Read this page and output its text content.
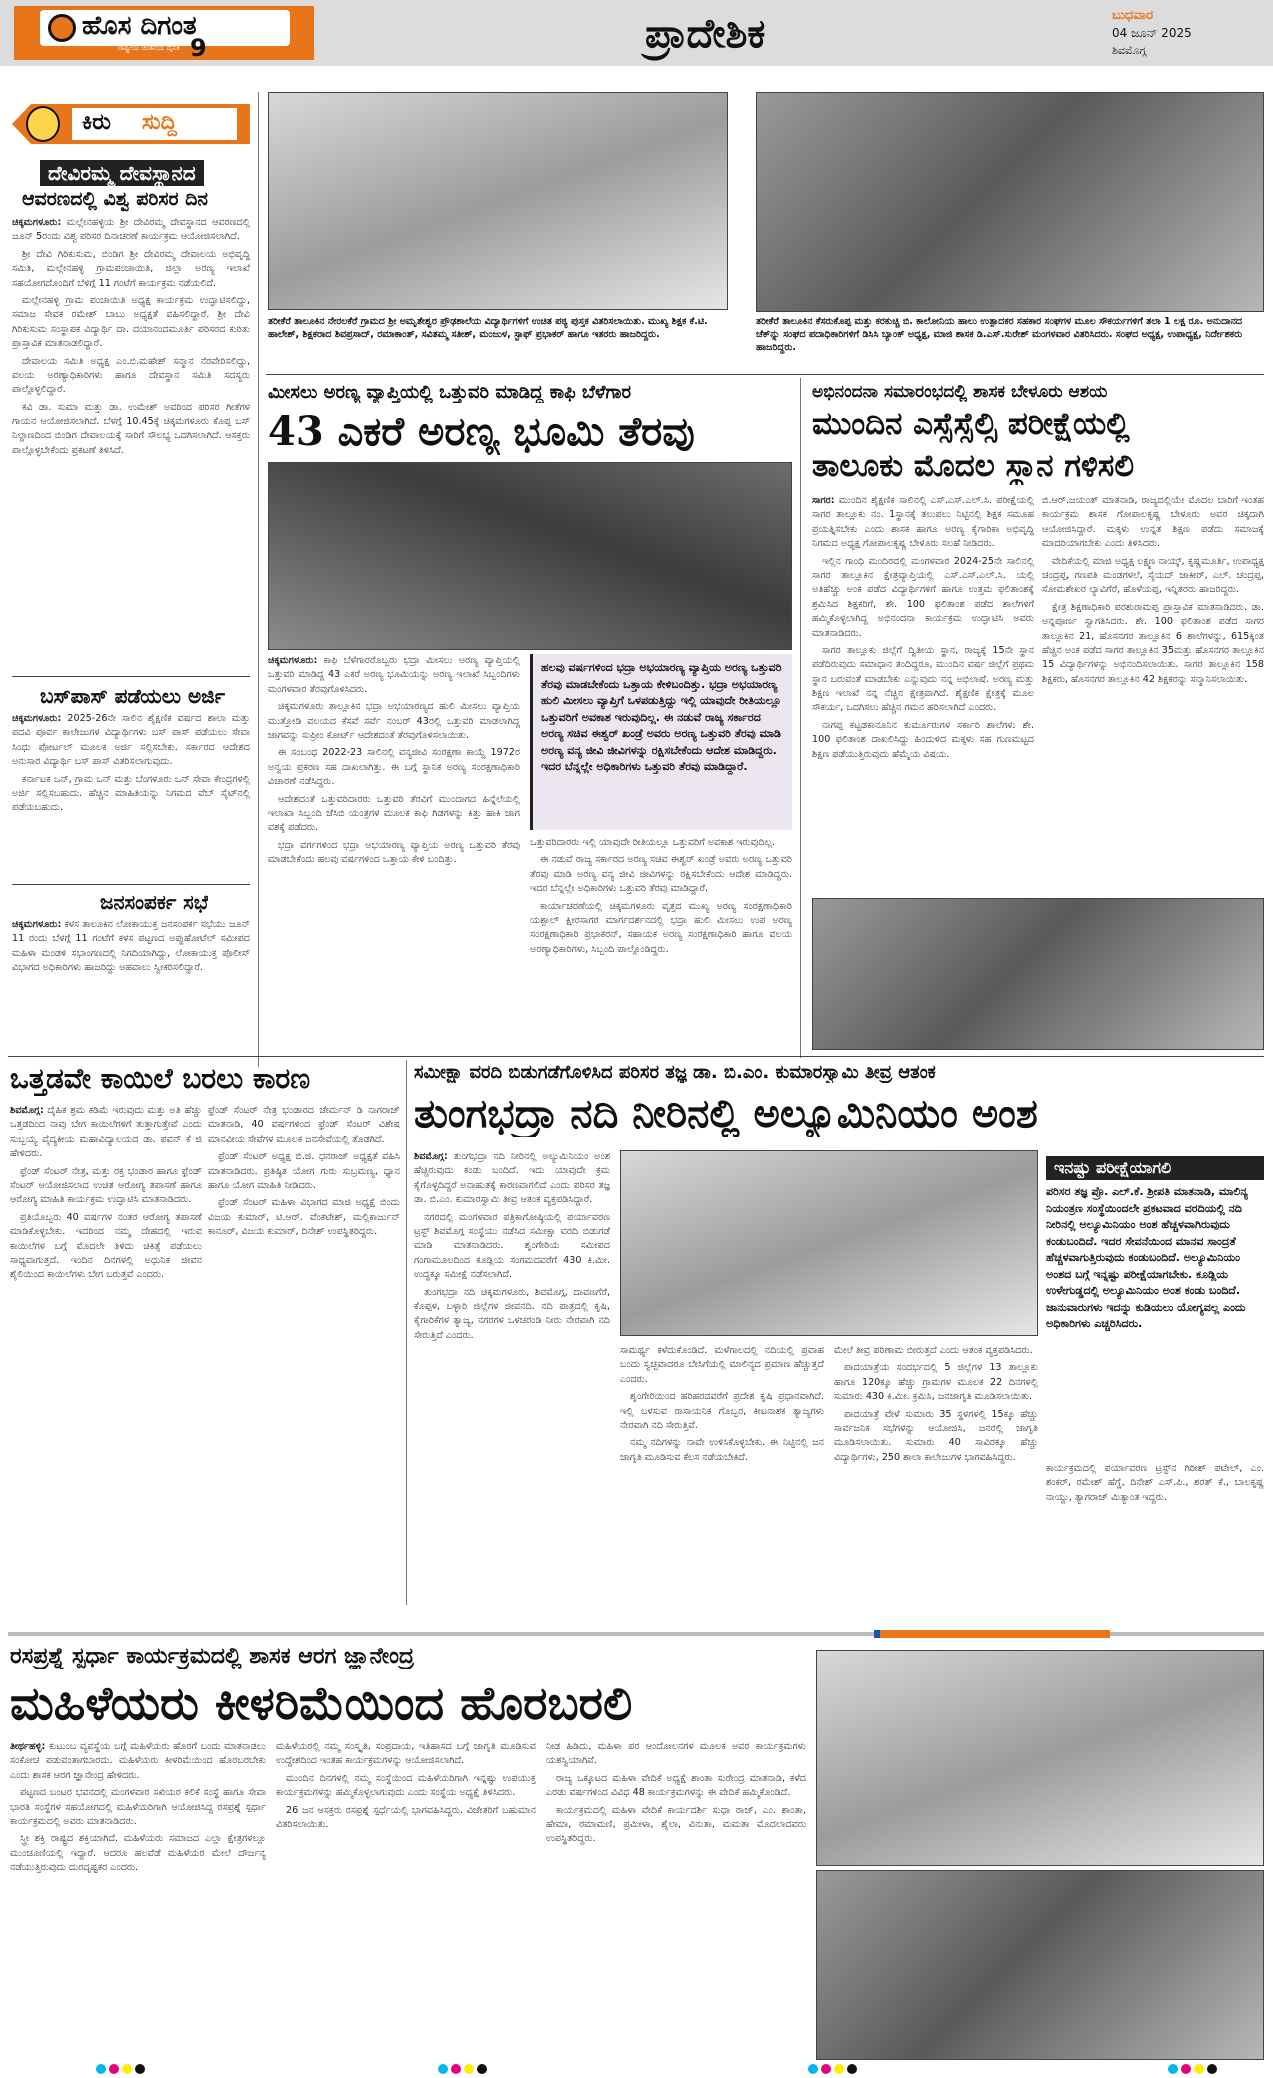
ಹೊಸ ದಿಗಂತ
ರಾಷ್ಟ್ರೀಯ ಚಿಂತನೆಯ ದೈನಿಕ 9	ಪ್ರಾದೇಶಿಕ	ಬುಧವಾರ
04 ಜೂನ್ 2025
ಶಿವಮೊಗ್ಗ
ಕಿರು ಸುದ್ದಿ
ದೇವಿರಮ್ಮ ದೇವಸ್ಥಾನದ
ಆವರಣದಲ್ಲಿ ವಿಶ್ವ ಪರಿಸರ ದಿನ

ಚಿಕ್ಕಮಗಳೂರು: ಮಲ್ಲೇನಹಳ್ಳಿಯ ಶ್ರೀ ದೇವಿರಮ್ಮ ದೇವಸ್ಥಾನದ ಆವರಣದಲ್ಲಿ ಜೂನ್ 5ರಂದು ವಿಶ್ವ ಪರಿಸರ ದಿನಾಚರಣೆ ಕಾರ್ಯಕ್ರಮ ಆಯೋಜಿಸಲಾಗಿದೆ.

ಶ್ರೀ ದೇವಿ ಗಿರಿಕುಸುಮ, ಬಿಂಡಿಗ ಶ್ರೀ ದೇವಿರಮ್ಮ ದೇವಾಲಯ ಅಭಿವೃದ್ಧಿ ಸಮಿತಿ, ಮಲ್ಲೇನಹಳ್ಳಿ ಗ್ರಾಮಪಂಚಾಯಿತಿ, ಜಿಲ್ಲಾ ಅರಣ್ಯ ಇಲಾಖೆ ಸಹಯೋಗದೊಂದಿಗೆ ಬೆಳಿಗ್ಗೆ 11 ಗಂಟೆಗೆ ಕಾರ್ಯಕ್ರಮ ನಡೆಯಲಿದೆ.

ಮಲ್ಲೇನಹಳ್ಳಿ ಗ್ರಾಮ ಪಂಚಾಯಿತಿ ಅಧ್ಯಕ್ಷ ಕಾರ್ಯಕ್ರಮ ಉದ್ಘಾಟಿಸಲಿದ್ದು, ಸಮಾಜ ಸೇವಕ ರಮೇಶ್ ಬಾಬು ಅಧ್ಯಕ್ಷತೆ ವಹಿಸಲಿದ್ದಾರೆ. ಶ್ರೀ ದೇವಿ ಗಿರಿಕುಸುಮ ಸಂಸ್ಥಾಪಕ ವಿದ್ಯಾರ್ಥಿ ದಾ. ದಯಾನಂದಮೂರ್ತಿ ಪರಿಸರದ ಕುರಿತು ಪ್ರಾಸ್ತಾವಿಕ ಮಾತನಾಡಲಿದ್ದಾರೆ.

ದೇವಾಲಯ ಸಮಿತಿ ಅಧ್ಯಕ್ಷ ಎಂ.ಬಿ.ಮಹೇಶ್ ಸನ್ಮಾನ ನೆರವೇರಿಸಲಿದ್ದು, ವಲಯ ಅರಣ್ಯಾಧಿಕಾರಿಗಳು ಹಾಗೂ ದೇವಸ್ಥಾನ ಸಮಿತಿ ಸದಸ್ಯರು ಪಾಲ್ಗೊಳ್ಳಲಿದ್ದಾರೆ.

ಕವಿ ಡಾ. ಸುಮಾ ಮತ್ತು ಡಾ. ಉಮೇಶ್ ಅವರಿಂದ ಪರಿಸರ ಗೀತೆಗಳ ಗಾಯನ ಆಯೋಜಿಸಲಾಗಿದೆ. ಬೆಳಗ್ಗೆ 10.45ಕ್ಕೆ ಚಿಕ್ಕಮಗಳೂರು ಕೊಪ್ಪ ಬಸ್ ನಿಲ್ದಾಣದಿಂದ ಬಿಂಡಿಗ ದೇವಾಲಯಕ್ಕೆ ಸಾರಿಗೆ ಸೌಲಭ್ಯ ಒದಗಿಸಲಾಗಿದೆ. ಆಸಕ್ತರು ಪಾಲ್ಗೊಳ್ಳಬೇಕೆಂದು ಪ್ರಕಟಣೆ ತಿಳಿಸಿದೆ.

ಬಸ್‌ಪಾಸ್ ಪಡೆಯಲು ಅರ್ಜಿ

ಚಿಕ್ಕಮಗಳೂರು: 2025-26ನೇ ಸಾಲಿನ ಶೈಕ್ಷಣಿಕ ವರ್ಷದ ಶಾಲಾ ಮತ್ತು ಪದವಿ ಪೂರ್ವ ಕಾಲೇಜುಗಳ ವಿದ್ಯಾರ್ಥಿಗಳು ಬಸ್ ಪಾಸ್ ಪಡೆಯಲು ಸೇವಾ ಸಿಂಧು ಪೋರ್ಟಲ್ ಮೂಲಕ ಅರ್ಜಿ ಸಲ್ಲಿಸಬೇಕು. ಸರ್ಕಾರದ ಆದೇಶದ ಅನುಸಾರ ವಿದ್ಯಾರ್ಥಿ ಬಸ್ ಪಾಸ್ ವಿತರಿಸಲಾಗುವುದು.

ಕರ್ನಾಟಕ ಒನ್, ಗ್ರಾಮ ಒನ್ ಮತ್ತು ಬೆಂಗಳೂರು ಒನ್ ಸೇವಾ ಕೇಂದ್ರಗಳಲ್ಲಿ ಅರ್ಜಿ ಸಲ್ಲಿಸಬಹುದು. ಹೆಚ್ಚಿನ ಮಾಹಿತಿಯನ್ನು ನಿಗಮದ ವೆಬ್ ಸೈಟ್‌ನಲ್ಲಿ ಪಡೆಯಬಹುದು.

ಜನಸಂಪರ್ಕ ಸಭೆ

ಚಿಕ್ಕಮಗಳೂರು: ಕಳಸ ತಾಲೂಕಿನ ಲೋಕಾಯುಕ್ತ ಜನಸಂಪರ್ಕ ಸಭೆಯು ಜೂನ್ 11 ರಂದು ಬೆಳಗ್ಗೆ 11 ಗಂಟೆಗೆ ಕಳಸ ಪಟ್ಟಣದ ಅಪ್ಪುಹೋಟೆಲ್ ಸಮೀಪದ ಮಹಿಳಾ ಮಂಡಳಿ ಸಭಾಂಗಣದಲ್ಲಿ ನಿಗದಿಯಾಗಿದ್ದು, ಲೋಕಾಯುಕ್ತ ಪೊಲೀಸ್ ವಿಭಾಗದ ಅಧಿಕಾರಿಗಳು ಹಾಜರಿದ್ದು ಅಹವಾಲು ಸ್ವೀಕರಿಸಲಿದ್ದಾರೆ.

ತರೀಕೆರೆ ತಾಲೂಕಿನ ನೇರಲಕೆರೆ ಗ್ರಾಮದ ಶ್ರೀ ಅಮೃತೇಶ್ವರ ಪ್ರೌಢಶಾಲೆಯ ವಿದ್ಯಾರ್ಥಿಗಳಿಗೆ ಉಚಿತ ಪಠ್ಯ ಪುಸ್ತಕ ವಿತರಿಸಲಾಯಿತು. ಮುಖ್ಯ ಶಿಕ್ಷಕ ಕೆ.ಟಿ. ಹಾಲೇಶ್, ಶಿಕ್ಷಕರಾದ ಶಿವಪ್ರಸಾದ್, ರಮಾಕಾಂತ್, ಸವಿತಮ್ಮ ಸತೀಶ್, ಮಂಜುಳ, ಸ್ಟಾಫ್ ಪ್ರಭಾಕರ್ ಹಾಗೂ ಇತರರು ಹಾಜರಿದ್ದರು.
ತರೀಕೆರೆ ತಾಲೂಕಿನ ಕೆಸರುಕೊಪ್ಪ ಮತ್ತು ಕರಕುಚ್ಚಿ ಬಿ. ಕಾಲೋನಿಯ ಹಾಲು ಉತ್ಪಾದಕರ ಸಹಕಾರ ಸಂಘಗಳ ಮೂಲ ಸೌಕರ್ಯಗಳಿಗೆ ತಲಾ 1 ಲಕ್ಷ ರೂ. ಅನುದಾನದ ಚೆಕ್‌ನ್ನು ಸಂಘದ ಪದಾಧಿಕಾರಿಗಳಿಗೆ ಡಿಸಿಸಿ ಬ್ಯಾಂಕ್ ಅಧ್ಯಕ್ಷ, ಮಾಜಿ ಶಾಸಕ ಡಿ.ಎಸ್.ಸುರೇಶ್ ಮಂಗಳವಾರ ವಿತರಿಸಿದರು. ಸಂಘದ ಅಧ್ಯಕ್ಷ, ಉಪಾಧ್ಯಕ್ಷ, ನಿರ್ದೇಶಕರು ಹಾಜರಿದ್ದರು.
ಮೀಸಲು ಅರಣ್ಯ ವ್ಯಾಪ್ತಿಯಲ್ಲಿ ಒತ್ತುವರಿ ಮಾಡಿದ್ದ ಕಾಫಿ ಬೆಳೆಗಾರ
43 ಎಕರೆ ಅರಣ್ಯ ಭೂಮಿ ತೆರವು

ಚಿಕ್ಕಮಗಳೂರು: ಕಾಫಿ ಬೆಳೆಗಾರರೊಬ್ಬರು ಭದ್ರಾ ಮೀಸಲು ಅರಣ್ಯ ವ್ಯಾಪ್ತಿಯಲ್ಲಿ ಒತ್ತುವರಿ ಮಾಡಿದ್ದ 43 ಎಕರೆ ಅರಣ್ಯ ಭೂಮಿಯನ್ನು ಅರಣ್ಯ ಇಲಾಖೆ ಸಿಬ್ಬಂದಿಗಳು ಮಂಗಳವಾರ ತೆರವುಗೊಳಿಸಿದರು.

ಚಿಕ್ಕಮಗಳೂರು ತಾಲ್ಲೂಕಿನ ಭದ್ರಾ ಅಭಯಾರಣ್ಯದ ಹುಲಿ ಮೀಸಲು ವ್ಯಾಪ್ತಿಯ ಮುತ್ತೋಡಿ ವಲಯದ ಕೆಸವೆ ಸರ್ವೆ ನಂಬರ್ 43ರಲ್ಲಿ ಒತ್ತುವರಿ ಮಾಡಲಾಗಿದ್ದ ಜಾಗವನ್ನು ಸುಪ್ರೀಂ ಕೋರ್ಟ್ ಆದೇಶದಂತೆ ತೆರವುಗೊಳಿಸಲಾಯಿತು.

ಈ ಸಂಬಂಧ 2022-23 ಸಾಲಿನಲ್ಲಿ ವನ್ಯಜೀವಿ ಸಂರಕ್ಷಣಾ ಕಾಯ್ದೆ 1972ರ ಅನ್ವಯ ಪ್ರಕರಣ ಸಹ ದಾಖಲಾಗಿತ್ತು. ಈ ಬಗ್ಗೆ ಸ್ಥಾನಿಕ ಅರಣ್ಯ ಸಂರಕ್ಷಣಾಧಿಕಾರಿ ವಿಚಾರಣೆ ನಡೆಸಿದ್ದರು.

ಆದೇಶದಂತೆ ಒತ್ತುವರಿದಾರರು ಒತ್ತುವರಿ ತೆರವಿಗೆ ಮುಂದಾಗದ ಹಿನ್ನೆಲೆಯಲ್ಲಿ ಇಲಾಖಾ ಸಿಬ್ಬಂದಿ ಜೆಸಿಬಿ ಯಂತ್ರಗಳ ಮೂಲಕ ಕಾಫಿ ಗಿಡಗಳನ್ನು ಕಿತ್ತು ಹಾಕಿ ಜಾಗ ವಶಕ್ಕೆ ಪಡೆದರು.

ಭದ್ರಾ ವರ್ಗಗಳಿಂದ ಭದ್ರಾ ಅಭಯಾರಣ್ಯ ವ್ಯಾಪ್ತಿಯ ಅರಣ್ಯ ಒತ್ತುವರಿ ತೆರವು ಮಾಡಬೇಕೆಂದು ಹಲವು ವರ್ಷಗಳಿಂದ ಒತ್ತಾಯ ಕೇಳಿ ಬಂದಿತ್ತು.

ಹಲವು ವರ್ಷಗಳಿಂದ ಭದ್ರಾ ಅಭಯಾರಣ್ಯ ವ್ಯಾಪ್ತಿಯ ಅರಣ್ಯ ಒತ್ತುವರಿ ತೆರವು ಮಾಡಬೇಕೆಂದು ಒತ್ತಾಯ ಕೇಳಿಬಂದಿತ್ತು. ಭದ್ರಾ ಅಭಯಾರಣ್ಯ ಹುಲಿ ಮೀಸಲು ವ್ಯಾಪ್ತಿಗೆ ಒಳಪಡುತ್ತಿದ್ದು ಇಲ್ಲಿ ಯಾವುದೇ ರೀತಿಯಲ್ಲೂ ಒತ್ತುವರಿಗೆ ಅವಕಾಶ ಇರುವುದಿಲ್ಲ. ಈ ನಡುವೆ ರಾಜ್ಯ ಸರ್ಕಾರದ ಅರಣ್ಯ ಸಚಿವ ಈಶ್ವರ್ ಖಂಡ್ರೆ ಅವರು ಅರಣ್ಯ ಒತ್ತುವರಿ ತೆರವು ಮಾಡಿ ಅರಣ್ಯ ವನ್ಯ ಜೀವಿ ಜೀವಿಗಳನ್ನು ರಕ್ಷಿಸಬೇಕೆಂದು ಆದೇಶ ಮಾಡಿದ್ದರು. ಇದರ ಬೆನ್ನಲ್ಲೇ ಅಧಿಕಾರಿಗಳು ಒತ್ತುವರಿ ತೆರವು ಮಾಡಿದ್ದಾರೆ.

ಒತ್ತುವರಿದಾರರು ಇಲ್ಲಿ ಯಾವುದೇ ರೀತಿಯಲ್ಲೂ ಒತ್ತುವರಿಗೆ ಅವಕಾಶ ಇರುವುದಿಲ್ಲ.

ಈ ನಡುವೆ ರಾಜ್ಯ ಸರ್ಕಾರದ ಅರಣ್ಯ ಸಚಿವ ಈಶ್ವರ್ ಖಂಡ್ರೆ ಅವರು ಅರಣ್ಯ ಒತ್ತುವರಿ ತೆರವು ಮಾಡಿ ಅರಣ್ಯ ವನ್ಯ ಜೀವಿ ಜೀವಿಗಳನ್ನು ರಕ್ಷಿಸಬೇಕೆಂದು ಆದೇಶ ಮಾಡಿದ್ದರು. ಇದರ ಬೆನ್ನಲ್ಲೇ ಅಧಿಕಾರಿಗಳು ಒತ್ತುವರಿ ತೆರವು ಮಾಡಿದ್ದಾರೆ.

ಕಾರ್ಯಾಚರಣೆಯಲ್ಲಿ ಚಿಕ್ಕಮಗಳೂರು ವೃತ್ತದ ಮುಖ್ಯ ಅರಣ್ಯ ಸಂರಕ್ಷಣಾಧಿಕಾರಿ ಯಶ್ಪಾಲ್ ಕ್ಷೀರಸಾಗರ ಮಾರ್ಗದರ್ಶನದಲ್ಲಿ ಭದ್ರಾ ಹುಲಿ ಮೀಸಲು ಉಪ ಅರಣ್ಯ ಸಂರಕ್ಷಣಾಧಿಕಾರಿ ಪ್ರಭಾಕರನ್, ಸಹಾಯಕ ಅರಣ್ಯ ಸಂರಕ್ಷಣಾಧಿಕಾರಿ ಹಾಗೂ ವಲಯ ಅರಣ್ಯಾಧಿಕಾರಿಗಳು, ಸಿಬ್ಬಂದಿ ಪಾಲ್ಗೊಂಡಿದ್ದರು.

ಅಭಿನಂದನಾ ಸಮಾರಂಭದಲ್ಲಿ ಶಾಸಕ ಬೇಳೂರು ಆಶಯ
ಮುಂದಿನ ಎಸ್ಸೆಸ್ಸೆಲ್ಸಿ ಪರೀಕ್ಷೆಯಲ್ಲಿ
ತಾಲೂಕು ಮೊದಲ ಸ್ಥಾನ ಗಳಿಸಲಿ

ಸಾಗರ: ಮುಂದಿನ ಶೈಕ್ಷಣಿಕ ಸಾಲಿನಲ್ಲಿ ಎಸ್.ಎಸ್.ಎಲ್.ಸಿ. ಪರೀಕ್ಷೆಯಲ್ಲಿ ಸಾಗರ ತಾಲ್ಲೂಕು ನಂ. 1ಸ್ಥಾನಕ್ಕೆ ತಲುಪಲು ನಿಟ್ಟಿನಲ್ಲಿ ಶಿಕ್ಷಕ ಸಮೂಹ ಪ್ರಯತ್ನಿಸಬೇಕು ಎಂದು ಶಾಸಕ ಹಾಗೂ ಅರಣ್ಯ ಕೈಗಾರಿಕಾ ಅಭಿವೃದ್ಧಿ ನಿಗಮದ ಅಧ್ಯಕ್ಷ ಗೋಪಾಲಕೃಷ್ಣ ಬೇಳೂರು ಸಲಹೆ ನೀಡಿದರು.

ಇಲ್ಲಿನ ಗಾಂಧಿ ಮಂದಿರದಲ್ಲಿ ಮಂಗಳವಾರ 2024-25ನೇ ಸಾಲಿನಲ್ಲಿ ಸಾಗರ ತಾಲ್ಲೂಕಿನ ಕ್ಷೇತ್ರವ್ಯಾಪ್ತಿಯಲ್ಲಿ ಎಸ್.ಎಸ್.ಎಲ್.ಸಿ. ಯಲ್ಲಿ ಅತಿಹೆಚ್ಚು ಅಂಕ ಪಡೆದ ವಿದ್ಯಾರ್ಥಿಗಳಿಗೆ ಹಾಗೂ ಉತ್ತಮ ಫಲಿತಾಂಶಕ್ಕೆ ಶ್ರಮಿಸಿದ ಶಿಕ್ಷಕರಿಗೆ, ಶೇ. 100 ಫಲಿತಾಂಶ ಪಡೆದ ಶಾಲೆಗಳಿಗೆ ಹಮ್ಮಿಕೊಳ್ಳಲಾಗಿದ್ದ ಅಭಿನಂದನಾ ಕಾರ್ಯಕ್ರಮ ಉದ್ಘಾಟಿಸಿ ಅವರು ಮಾತನಾಡಿದರು.

ಸಾಗರ ತಾಲ್ಲೂಕು ಜಿಲ್ಲೆಗೆ ದ್ವಿತೀಯ ಸ್ಥಾನ, ರಾಜ್ಯಕ್ಕೆ 15ನೇ ಸ್ಥಾನ ಪಡೆದಿರುವುದು ಸಮಾಧಾನ ತಂದಿದ್ದರೂ, ಮುಂದಿನ ವರ್ಷ ಜಿಲ್ಲೆಗೆ ಪ್ರಥಮ ಸ್ಥಾನ ಬರುವಂತೆ ಮಾಡಬೇಕು ಎನ್ನುವುದು ನನ್ನ ಅಭಿಲಾಷೆ. ಅರಣ್ಯ ಮತ್ತು ಶಿಕ್ಷಣ ಇಲಾಖೆ ನನ್ನ ನೆಚ್ಚಿನ ಕ್ಷೇತ್ರವಾಗಿದೆ. ಶೈಕ್ಷಣಿಕ ಕ್ಷೇತ್ರಕ್ಕೆ ಮೂಲ ಸೌಕರ್ಯ, ಒದಗಿಸಲು ಹೆಚ್ಚಿನ ಗಮನ ಹರಿಸಲಾಗಿದೆ ಎಂದರು.

ನಾಗಪ್ಪ ಕಟ್ಟಡಕಾನೂನಿನ ಕುರ್ಮೂರುಗಳ ಸರ್ಕಾರಿ ಶಾಲೆಗಳು ಶೇ. 100 ಫಲಿತಾಂಶ ದಾಖಲಿಸಿದ್ದು ಹಿಂದುಳಿದ ಮಕ್ಕಳು ಸಹ ಗುಣಮಟ್ಟದ ಶಿಕ್ಷಣ ಪಡೆಯುತ್ತಿರುವುದು ಹೆಮ್ಮೆಯ ವಿಷಯ.

ಬಿ.ಆರ್.ಜಯಂತ್ ಮಾತನಾಡಿ, ರಾಜ್ಯದಲ್ಲಿಯೇ ಮೊದಲ ಬಾರಿಗೆ ಇಂತಹ ಕಾರ್ಯಕ್ರಮ ಶಾಸಕ ಗೋಪಾಲಕೃಷ್ಣ ಬೇಳೂರು ಅವರ ಚಿಕ್ಕದಾಗಿ ಆಯೋಜಿಸಿದ್ದಾರೆ. ಮಕ್ಕಳು ಉನ್ನತ ಶಿಕ್ಷಣ ಪಡೆದು ಸಮಾಜಕ್ಕೆ ಮಾದರಿಯಾಗಬೇಕು ಎಂದು ತಿಳಿಸಿದರು.

ವೇದಿಕೆಯಲ್ಲಿ ಮಾಜಿ ಅಧ್ಯಕ್ಷ ಲಕ್ಷ್ಮಣ ನಾಯ್ಕ್, ಕೃಷ್ಣಮೂರ್ತಿ, ಉಪಾಧ್ಯಕ್ಷ ಚಂದ್ರಪ್ಪ, ಗಣಪತಿ ಮಂಡಗಳಲೆ, ಸೈಯದ್ ಜಾಕೀರ್, ಎಲ್. ಚಂದ್ರಪ್ಪ, ಸೋಮಶೇಖರ ಲ್ಯಾವಿಗೆರೆ, ಹೊಳೆಯಪ್ಪ, ಇನ್ನಿತರರು ಹಾಜರಿದ್ದರು.

ಕ್ಷೇತ್ರ ಶಿಕ್ಷಣಾಧಿಕಾರಿ ಪರಶುರಾಮಪ್ಪ ಪ್ರಾಸ್ತಾವಿಕ ಮಾತನಾಡಿದರು. ಡಾ. ಅನ್ನಪೂರ್ಣ ಸ್ವಾಗತಿಸಿದರು. ಶೇ. 100 ಫಲಿತಾಂಶ ಪಡೆದ ಸಾಗರ ತಾಲ್ಲೂಕಿನ 21, ಹೊಸನಗರ ತಾಲ್ಲೂಕಿನ 6 ಶಾಲೆಗಳನ್ನು, 615ಕ್ಕಿಂತ ಹೆಚ್ಚಿನ ಅಂಕ ಪಡೆದ ಸಾಗರ ತಾಲ್ಲೂಕಿನ 35ಮತ್ತು ಹೊಸನಗರ ತಾಲ್ಲೂಕಿನ 15 ವಿದ್ಯಾರ್ಥಿಗಳನ್ನು ಅಭಿನಂದಿಸಲಾಯಿತು. ಸಾಗರ ತಾಲ್ಲೂಕಿನ 158 ಶಿಕ್ಷಕರು, ಹೊಸನಗರ ತಾಲ್ಲೂಕಿನ 42 ಶಿಕ್ಷಕರನ್ನು ಸನ್ಮಾನಿಸಲಾಯಿತು.

ಒತ್ತಡವೇ ಕಾಯಿಲೆ ಬರಲು ಕಾರಣ

ಶಿವಮೊಗ್ಗ: ದೈಹಿಕ ಶ್ರಮ ಕಡಿಮೆ ಇರುವುದು ಮತ್ತು ಅತಿ ಹೆಚ್ಚು ಒತ್ತಡದಿಂದ ನಾವು ಬೇಗ ಕಾಯಿಲೆಗಳಿಗೆ ತುತ್ತಾಗುತ್ತೇವೆ ಎಂದು ಸುಬ್ಬಯ್ಯ ವೈದ್ಯಕೀಯ ಮಹಾವಿದ್ಯಾಲಯದ ಡಾ. ಪವನ್ ಕೆ ಜಿ ಹೇಳಿದರು.

ಫ್ರೆಂಡ್ ಸೆಂಟರ್ ನೇತ್ರ, ಮತ್ತು ರಕ್ತ ಭಂಡಾರ ಹಾಗೂ ಫ್ರೆಂಡ್ ಸೆಂಟರ್ ಆಯೋಜಿಸಲಾದ ಉಚಿತ ಆರೋಗ್ಯ ತಪಾಸಣೆ ಹಾಗೂ ಆರೋಗ್ಯ ಮಾಹಿತಿ ಕಾರ್ಯಕ್ರಮ ಉದ್ಘಾಟಿಸಿ ಮಾತನಾಡಿದರು.

ಪ್ರತಿಯೊಬ್ಬರು 40 ವರ್ಷಗಳ ನಂತರ ಆರೋಗ್ಯ ತಪಾಸಣೆ ಮಾಡಿಕೊಳ್ಳಬೇಕು. ಇದರಿಂದ ನಮ್ಮ ದೇಹದಲ್ಲಿ ಇರುವ ಕಾಯಿಲೆಗಳ ಬಗ್ಗೆ ಮೊದಲೇ ತಿಳಿದು ಚಿಕಿತ್ಸೆ ಪಡೆಯಲು ಸಾಧ್ಯವಾಗುತ್ತದೆ. ಇಂದಿನ ದಿನಗಳಲ್ಲಿ ಅಧುನಿಕ ಜೀವನ ಶೈಲಿಯಿಂದ ಕಾಯಿಲೆಗಳು ಬೇಗ ಬರುತ್ತವೆ ಎಂದರು.

ಫ್ರೆಂಡ್ ಸೆಂಟರ್ ನೇತ್ರ ಭಂಡಾರದ ಚೇರ್ಮನ್ ಡಿ ನಾಗರಾಜ್ ಮಾತನಾಡಿ, 40 ವರ್ಷಗಳಿಂದ ಫ್ರೆಂಡ್ ಸೆಂಟರ್ ವಿಶೇಷ ಮಾನವೀಯ ಸೇವೆಗಳ ಮೂಲಕ ಜನಸೇವೆಯಲ್ಲಿ ತೊಡಗಿದೆ.

ಫ್ರೆಂಡ್ ಸೆಂಟರ್ ಅಧ್ಯಕ್ಷ ಬಿ.ಜಿ. ಧನರಾಜ್ ಅಧ್ಯಕ್ಷತೆ ವಹಿಸಿ ಮಾತನಾಡಿದರು. ಪ್ರತಿಷ್ಠಿತ ಯೋಗ ಗುರು ಸುಬ್ರಮಣ್ಯ, ಧ್ಯಾನ ಹಾಗೂ ಯೋಗ ಮಾಹಿತಿ ನೀಡಿದರು.

ಫ್ರೆಂಡ್ ಸೆಂಟರ್ ಮಹಿಳಾ ವಿಭಾಗದ ಮಾಜಿ ಅಧ್ಯಕ್ಷೆ ಬಿಂದು ವಿಜಯ ಕುಮಾರ್, ಟಿ.ಆರ್. ವೆಂಕಟೇಶ್, ಮಲ್ಲಿಕಾರ್ಜುನ್ ಕಾನೂರ್, ವಿಜಯ ಕುಮಾರ್, ದಿನೇಶ್ ಉಪಸ್ಥಿತರಿದ್ದರು.

ಸಮೀಕ್ಷಾ ವರದಿ ಬಿಡುಗಡೆಗೊಳಿಸಿದ ಪರಿಸರ ತಜ್ಞ ಡಾ. ಬಿ.ಎಂ. ಕುಮಾರಸ್ವಾಮಿ ತೀವ್ರ ಆತಂಕ
ತುಂಗಭದ್ರಾ ನದಿ ನೀರಿನಲ್ಲಿ ಅಲ್ಯೂಮಿನಿಯಂ ಅಂಶ

ಶಿವಮೊಗ್ಗ: ತುಂಗಭದ್ರಾ ನದಿ ನೀರಿನಲ್ಲಿ ಅಲ್ಯುಮಿನಿಯಂ ಅಂಶ ಹೆಚ್ಚಿರುವುದು ಕಂಡು ಬಂದಿದೆ. ಇದು ಯಾವುದೇ ಕ್ರಮ ಕೈಗೊಳ್ಳದಿದ್ದರೆ ಅನಾಹುತಕ್ಕೆ ಕಾರಣವಾಗಲಿದೆ ಎಂದು ಪರಿಸರ ತಜ್ಞ ಡಾ. ಬಿ.ಎಂ. ಕುಮಾರಸ್ವಾಮಿ ತೀವ್ರ ಆತಂಕ ವ್ಯಕ್ತಪಡಿಸಿದ್ದಾರೆ.

ನಗರದಲ್ಲಿ ಮಂಗಳವಾರ ಪತ್ರಿಕಾಗೋಷ್ಠಿಯಲ್ಲಿ ಪರ್ಯಾವರಣ ಟ್ರಸ್ಟ್ ಶಿವಮೊಗ್ಗ ಸಂಸ್ಥೆಯು ನಡೆಸಿದ ಸಮೀಕ್ಷಾ ವರದಿ ಬಿಡುಗಡೆ ಮಾಡಿ ಮಾತನಾಡಿದರು. ಶೃಂಗೇರಿಯ ಸಮೀಪದ ಗಂಗಾಮೂಲದಿಂದ ಕೂಡ್ಲಿಯ ಸಂಗಮದವರೆಗೆ 430 ಕಿ.ಮೀ. ಉದ್ದಕ್ಕೂ ಸಮೀಕ್ಷೆ ನಡೆಸಲಾಗಿದೆ.

ತುಂಗಭದ್ರಾ ನದಿ ಚಿಕ್ಕಮಗಳೂರು, ಶಿವಮೊಗ್ಗ, ದಾವಣಗೆರೆ, ಕೊಪ್ಪಳ, ಬಳ್ಳಾರಿ ಜಿಲ್ಲೆಗಳ ಜೀವನದಿ. ನದಿ ಪಾತ್ರದಲ್ಲಿ ಕೃಷಿ, ಕೈಗಾರಿಕೆಗಳ ತ್ಯಾಜ್ಯ, ನಗರಗಳ ಒಳಚರಂಡಿ ನೀರು ನೇರವಾಗಿ ನದಿ ಸೇರುತ್ತಿದೆ ಎಂದರು.

ಸಾಮರ್ಥ್ಯ ಕಳೆದುಕೊಂಡಿದೆ. ಮಳೆಗಾಲದಲ್ಲಿ ನದಿಯಲ್ಲಿ ಪ್ರವಾಹ ಬಂದು ಸ್ವಚ್ಛವಾದರೂ ಬೇಸಿಗೆಯಲ್ಲಿ ಮಾಲಿನ್ಯದ ಪ್ರಮಾಣ ಹೆಚ್ಚುತ್ತದೆ ಎಂದರು.

ಶೃಂಗೇರಿಯಿಂದ ಹರಿಹರದವರೆಗೆ ಪ್ರದೇಶ ಕೃಷಿ ಪ್ರಧಾನವಾಗಿದೆ. ಇಲ್ಲಿ ಬಳಸುವ ರಾಸಾಯನಿಕ ಗೊಬ್ಬರ, ಕೀಟನಾಶಕ ತ್ಯಾಜ್ಯಗಳು ನೇರವಾಗಿ ನದಿ ಸೇರುತ್ತಿವೆ.

ನಮ್ಮ ನದಿಗಳನ್ನು ನಾವೇ ಉಳಿಸಿಕೊಳ್ಳಬೇಕು. ಈ ನಿಟ್ಟಿನಲ್ಲಿ ಜನ ಜಾಗೃತಿ ಮೂಡಿಸುವ ಕೆಲಸ ನಡೆಯಬೇಕಿದೆ.

ಮೇಲೆ ತೀವ್ರ ಪರಿಣಾಮ ಬೀರುತ್ತದೆ ಎಂದು ಆತಂಕ ವ್ಯಕ್ತಪಡಿಸಿದರು.

ಪಾದಯಾತ್ರೆಯ ಸಂದರ್ಭದಲ್ಲಿ 5 ಜಿಲ್ಲೆಗಳ 13 ತಾಲ್ಲೂಕು ಹಾಗೂ 120ಕ್ಕೂ ಹೆಚ್ಚು ಗ್ರಾಮಗಳ ಮೂಲಕ 22 ದಿನಗಳಲ್ಲಿ ಸುಮಾರು 430 ಕಿ.ಮೀ. ಕ್ರಮಿಸಿ, ಜನಜಾಗೃತಿ ಮೂಡಿಸಲಾಯಿತು.

ಪಾದಯಾತ್ರೆ ವೇಳೆ ಸುಮಾರು 35 ಸ್ಥಳಗಳಲ್ಲಿ 15ಕ್ಕೂ ಹೆಚ್ಚು ಸಾರ್ವಜನಿಕ ಸಭೆಗಳನ್ನು ಆಯೋಜಿಸಿ, ಜನರಲ್ಲಿ ಜಾಗೃತಿ ಮೂಡಿಸಲಾಯಿತು. ಸುಮಾರು 40 ಸಾವಿರಕ್ಕೂ ಹೆಚ್ಚು ವಿದ್ಯಾರ್ಥಿಗಳು, 250 ಶಾಲಾ ಕಾಲೇಜುಗಳ ಭಾಗವಹಿಸಿದ್ದರು.

ಇನಷ್ಟು ಪರೀಕ್ಷೆಯಾಗಲಿ
ಪರಿಸರ ತಜ್ಞ ಪ್ರೊ. ಎಲ್.ಕೆ. ಶ್ರೀಪತಿ ಮಾತನಾಡಿ, ಮಾಲಿನ್ಯ ನಿಯಂತ್ರಣ ಸಂಸ್ಥೆಯಿಂದಲೇ ಪ್ರಕಟವಾದ ವರದಿಯಲ್ಲಿ ನದಿ ನೀರಿನಲ್ಲಿ ಅಲ್ಯೂಮಿನಿಯಂ ಅಂಶ ಹೆಚ್ಚಳವಾಗಿರುವುದು ಕಂಡುಬಂದಿದೆ. ಇದರ ಸೇವನೆಯಿಂದ ಮಾನವ ಸಾಂದ್ರತೆ ಹೆಚ್ಚಳವಾಗುತ್ತಿರುವುದು ಕಂಡುಬಂದಿದೆ. ಅಲ್ಯೂಮಿನಿಯಂ ಅಂಶದ ಬಗ್ಗೆ ಇನ್ನಷ್ಟು ಪರೀಕ್ಷೆಯಾಗಬೇಕು. ಕೂಡ್ಲಿಯ ಉಳೇಗುಡ್ಡದಲ್ಲಿ ಅಲ್ಯೂಮಿನಿಯಂ ಅಂಶ ಕಂಡು ಬಂದಿದೆ. ಜಾನುವಾರುಗಳು ಇದನ್ನು ಕುಡಿಯಲು ಯೋಗ್ಯವಲ್ಲ ಎಂದು ಅಧಿಕಾರಿಗಳು ಎಚ್ಚರಿಸಿದರು.
ಕಾರ್ಯಕ್ರಮದಲ್ಲಿ ಪರ್ಯಾವರಣ ಟ್ರಸ್ಟ್‌ನ ಗಿರೀಶ್ ಪಟೇಲ್, ಎಂ. ಶಂಕರ್, ರಮೇಶ್ ಹೆಗ್ಡೆ, ದಿನೇಶ್ ಎಸ್.ಪಿ., ಶರತ್ ಕೆ., ಬಾಲಕೃಷ್ಣ ನಾಯ್ದು, ತ್ಯಾಗರಾಜ್ ಮಿತ್ಯಾಂತ ಇದ್ದರು.
ರಸಪ್ರಶ್ನೆ ಸ್ಪರ್ಧಾ ಕಾರ್ಯಕ್ರಮದಲ್ಲಿ ಶಾಸಕ ಆರಗ ಜ್ಞಾನೇಂದ್ರ
ಮಹಿಳೆಯರು ಕೀಳರಿಮೆಯಿಂದ ಹೊರಬರಲಿ

ತೀರ್ಥಹಳ್ಳಿ: ಕುಟುಂಬ ವ್ಯವಸ್ಥೆಯ ಬಗ್ಗೆ ಮಹಿಳೆಯರು ಹೊರಗೆ ಬಂದು ಮಾತನಾಡಲು ಸಂಕೋಚ ಪಡುವಂತಾಗಬಾರದು. ಮಹಿಳೆಯರು ಕೀಳರಿಮೆಯಿಂದ ಹೊರಬರಬೇಕು ಎಂದು ಶಾಸಕ ಆರಗ ಜ್ಞಾನೇಂದ್ರ ಹೇಳಿದರು.

ಪಟ್ಟಣದ ಬಂಟರ ಭವನದಲ್ಲಿ ಮಂಗಳವಾರ ಸಖಿಯರ ಕಲಿಕೆ ಸಂಸ್ಥೆ ಹಾಗೂ ಸೇವಾ ಭಾರತಿ ಸಂಸ್ಥೆಗಳ ಸಹಯೋಗದಲ್ಲಿ ಮಹಿಳೆಯರಿಗಾಗಿ ಆಯೋಜಿಸಿದ್ದ ರಸಪ್ರಶ್ನೆ ಸ್ಪರ್ಧಾ ಕಾರ್ಯಕ್ರಮದಲ್ಲಿ ಅವರು ಮಾತನಾಡಿದರು.

ಸ್ತ್ರೀ ಶಕ್ತಿ ರಾಷ್ಟ್ರದ ಶಕ್ತಿಯಾಗಿದೆ. ಮಹಿಳೆಯರು ಸಮಾಜದ ಎಲ್ಲಾ ಕ್ಷೇತ್ರಗಳಲ್ಲೂ ಮುಂಚೂಣಿಯಲ್ಲಿ ಇದ್ದಾರೆ. ಆದರೂ ಹಲವೆಡೆ ಮಹಿಳೆಯರ ಮೇಲೆ ದೌರ್ಜನ್ಯ ನಡೆಯುತ್ತಿರುವುದು ದುರದೃಷ್ಟಕರ ಎಂದರು.

ಮಹಿಳೆಯರಲ್ಲಿ ನಮ್ಮ ಸಂಸ್ಕೃತಿ, ಸಂಪ್ರದಾಯ, ಇತಿಹಾಸದ ಬಗ್ಗೆ ಜಾಗೃತಿ ಮೂಡಿಸುವ ಉದ್ದೇಶದಿಂದ ಇಂತಹ ಕಾರ್ಯಕ್ರಮಗಳನ್ನು ಆಯೋಜಿಸಲಾಗಿದೆ.

ಮುಂದಿನ ದಿನಗಳಲ್ಲಿ ನಮ್ಮ ಸಂಸ್ಥೆಯಿಂದ ಮಹಿಳೆಯರಿಗಾಗಿ ಇನ್ನಷ್ಟು ಉಪಯುಕ್ತ ಕಾರ್ಯಕ್ರಮಗಳನ್ನು ಹಮ್ಮಿಕೊಳ್ಳಲಾಗುವುದು ಎಂದು ಸಂಸ್ಥೆಯ ಅಧ್ಯಕ್ಷೆ ತಿಳಿಸಿದರು.

26 ಜನ ಆಸಕ್ತರು ರಸಪ್ರಶ್ನೆ ಸ್ಪರ್ಧೆಯಲ್ಲಿ ಭಾಗವಹಿಸಿದ್ದರು. ವಿಜೇತರಿಗೆ ಬಹುಮಾನ ವಿತರಿಸಲಾಯಿತು.

ನೀಡ ಹಿಡಿದು, ಮಹಿಳಾ ಪರ ಆಂದೋಲನಗಳ ಮೂಲಕ ಅವರ ಕಾರ್ಯಕ್ರಮಗಳು ಯಶಸ್ವಿಯಾಗಿವೆ.

ರಾಜ್ಯ ಒಕ್ಕೂಟದ ಮಹಿಳಾ ವೇದಿಕೆ ಅಧ್ಯಕ್ಷೆ ಶಾಂತಾ ಸುರೇಂದ್ರ ಮಾತನಾಡಿ, ಕಳೆದ ಎರಡು ವರ್ಷಗಳಿಂದ ವಿವಿಧ 48 ಕಾರ್ಯಕ್ರಮಗಳನ್ನು ಈ ವೇದಿಕೆ ಹಮ್ಮಿಕೊಂಡಿದೆ.

ಕಾರ್ಯಕ್ರಮದಲ್ಲಿ ಮಹಿಳಾ ವೇದಿಕೆ ಕಾರ್ಯದರ್ಶಿ ಸುಧಾ ರಾಜ್, ಎಂ. ಶಾಂತಾ, ಹೇಮಾ, ರಮಾಮಣಿ, ಪ್ರಮೀಳಾ, ಶೈಲಾ, ವಿನುತಾ, ಮಮತಾ ಮೊದಲಾದವರು ಉಪಸ್ಥಿತರಿದ್ದರು.
